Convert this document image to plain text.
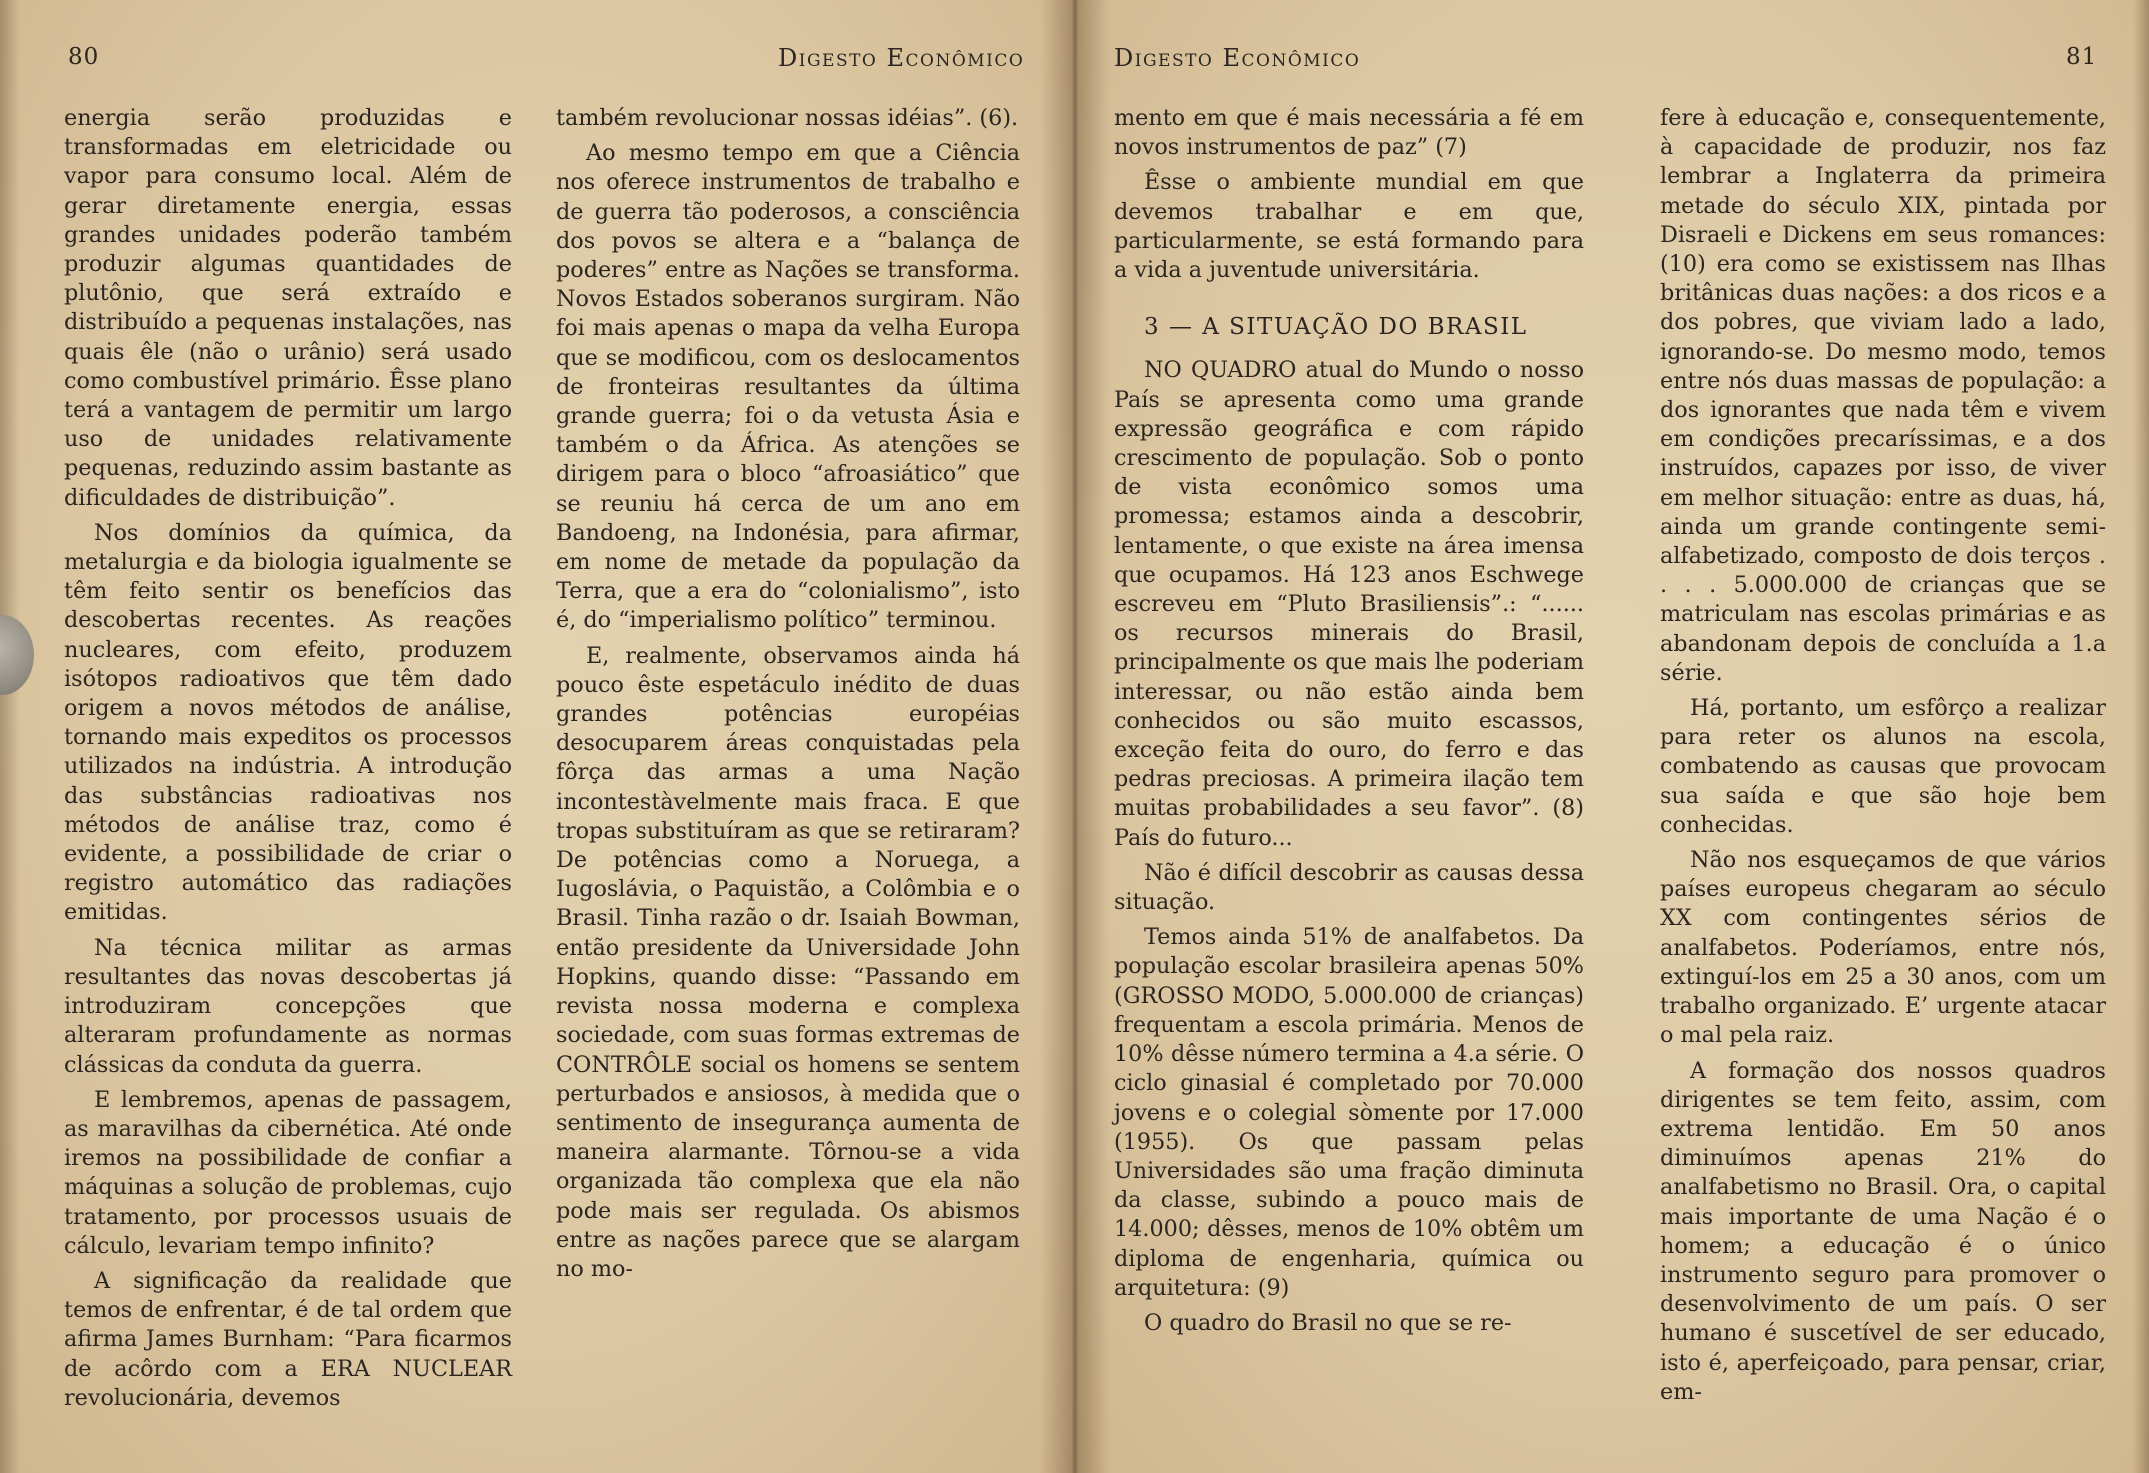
80	Digesto Econômico

energia serão produzidas e transformadas em eletricidade ou vapor para consumo local. Além de gerar diretamente energia, essas grandes unidades poderão também produzir algumas quantidades de plutônio, que será extraído e distribuído a pequenas instalações, nas quais êle (não o urânio) será usado como combustível primário. Êsse plano terá a vantagem de permitir um largo uso de unidades relativamente pequenas, reduzindo assim bastante as dificuldades de distribuição”.

Nos domínios da química, da metalurgia e da biologia igualmente se têm feito sentir os benefícios das descobertas recentes. As reações nucleares, com efeito, produzem isótopos radioativos que têm dado origem a novos métodos de análise, tornando mais expeditos os processos utilizados na indústria. A introdução das substâncias radioativas nos métodos de análise traz, como é evidente, a possibilidade de criar o registro automático das radiações emitidas.

Na técnica militar as armas resultantes das novas descobertas já introduziram concepções que alteraram profundamente as normas clássicas da conduta da guerra.

E lembremos, apenas de passagem, as maravilhas da cibernética. Até onde iremos na possibilidade de confiar a máquinas a solução de problemas, cujo tratamento, por processos usuais de cálculo, levariam tempo infinito?

A significação da realidade que temos de enfrentar, é de tal ordem que afirma James Burnham: “Para ficarmos de acôrdo com a ERA NUCLEAR revolucionária, devemos

também revolucionar nossas idéias”. (6).

Ao mesmo tempo em que a Ciência nos oferece instrumentos de trabalho e de guerra tão poderosos, a consciência dos povos se altera e a “balança de poderes” entre as Nações se transforma. Novos Estados soberanos surgiram. Não foi mais apenas o mapa da velha Europa que se modificou, com os deslocamentos de fronteiras resultantes da última grande guerra; foi o da vetusta Ásia e também o da África. As atenções se dirigem para o bloco “afroasiático” que se reuniu há cerca de um ano em Bandoeng, na Indonésia, para afirmar, em nome de metade da população da Terra, que a era do “colonialismo”, isto é, do “imperialismo político” terminou.

E, realmente, observamos ainda há pouco êste espetáculo inédito de duas grandes potências européias desocuparem áreas conquistadas pela fôrça das armas a uma Nação incontestàvelmente mais fraca. E que tropas substituíram as que se retiraram? De potências como a Noruega, a Iugoslávia, o Paquistão, a Colômbia e o Brasil. Tinha razão o dr. Isaiah Bowman, então presidente da Universidade John Hopkins, quando disse: “Passando em revista nossa moderna e complexa sociedade, com suas formas extremas de CONTRÔLE social os homens se sentem perturbados e ansiosos, à medida que o sentimento de insegurança aumenta de maneira alarmante. Tôrnou-se a vida organizada tão complexa que ela não pode mais ser regulada. Os abismos entre as nações parece que se alargam no mo-

Digesto Econômico	81

mento em que é mais necessária a fé em novos instrumentos de paz” (7)

Êsse o ambiente mundial em que devemos trabalhar e em que, particularmente, se está formando para a vida a juventude universitária.

3 — A SITUAÇÃO DO BRASIL

NO QUADRO atual do Mundo o nosso País se apresenta como uma grande expressão geográfica e com rápido crescimento de população. Sob o ponto de vista econômico somos uma promessa; estamos ainda a descobrir, lentamente, o que existe na área imensa que ocupamos. Há 123 anos Eschwege escreveu em “Pluto Brasiliensis”.: “...... os recursos minerais do Brasil, principalmente os que mais lhe poderiam interessar, ou não estão ainda bem conhecidos ou são muito escassos, exceção feita do ouro, do ferro e das pedras preciosas. A primeira ilação tem muitas probabilidades a seu favor”. (8) País do futuro...

Não é difícil descobrir as causas dessa situação.

Temos ainda 51% de analfabetos. Da população escolar brasileira apenas 50% (GROSSO MODO, 5.000.000 de crianças) frequentam a escola primária. Menos de 10% dêsse número termina a 4.a série. O ciclo ginasial é completado por 70.000 jovens e o colegial sòmente por 17.000 (1955). Os que passam pelas Universidades são uma fração diminuta da classe, subindo a pouco mais de 14.000; dêsses, menos de 10% obtêm um diploma de engenharia, química ou arquitetura: (9)

O quadro do Brasil no que se re-

fere à educação e, consequentemente, à capacidade de produzir, nos faz lembrar a Inglaterra da primeira metade do século XIX, pintada por Disraeli e Dickens em seus romances: (10) era como se existissem nas Ilhas britânicas duas nações: a dos ricos e a dos pobres, que viviam lado a lado, ignorando-se. Do mesmo modo, temos entre nós duas massas de população: a dos ignorantes que nada têm e vivem em condições precaríssimas, e a dos instruídos, capazes por isso, de viver em melhor situação: entre as duas, há, ainda um grande contingente semi-alfabetizado, composto de dois terços . . . . 5.000.000 de crianças que se matriculam nas escolas primárias e as abandonam depois de concluída a 1.a série.

Há, portanto, um esfôrço a realizar para reter os alunos na escola, combatendo as causas que provocam sua saída e que são hoje bem conhecidas.

Não nos esqueçamos de que vários países europeus chegaram ao século XX com contingentes sérios de analfabetos. Poderíamos, entre nós, extinguí-los em 25 a 30 anos, com um trabalho organizado. E’ urgente atacar o mal pela raiz.

A formação dos nossos quadros dirigentes se tem feito, assim, com extrema lentidão. Em 50 anos diminuímos apenas 21% do analfabetismo no Brasil. Ora, o capital mais importante de uma Nação é o homem; a educação é o único instrumento seguro para promover o desenvolvimento de um país. O ser humano é suscetível de ser educado, isto é, aperfeiçoado, para pensar, criar, em-
